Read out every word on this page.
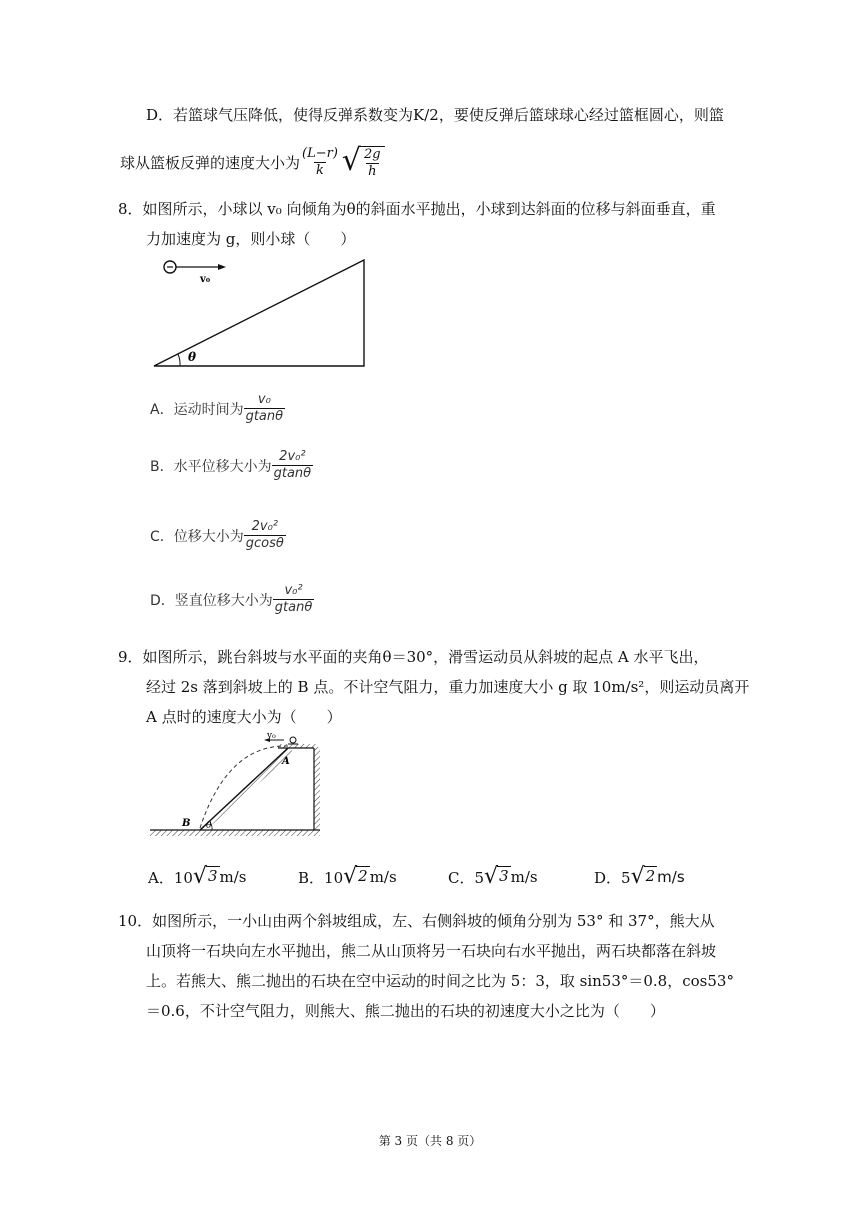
D．若篮球气压降低，使得反弹系数变为K/2，要使反弹后篮球球心经过篮框圆心，则篮
球从篮板反弹的速度大小为 $\frac{(L-r)}{k}$ √ $\frac{2g}{h}$
8．如图所示，小球以 v₀ 向倾角为θ的斜面水平抛出，小球到达斜面的位移与斜面垂直，重
力加速度为 g，则小球（　　）
v₀
θ
A．运动时间为 $\frac{\text{v₀}}{gtan\theta}$
B．水平位移大小为 $\frac{\text{2v₀²}}{gtan\theta}$
C．位移大小为 $\frac{\text{2v₀²}}{gcos\theta}$
D．竖直位移大小为 $\frac{\text{v₀²}}{gtan\theta}$
9．如图所示，跳台斜坡与水平面的夹角θ＝30°，滑雪运动员从斜坡的起点 A 水平飞出，
经过 2s 落到斜坡上的 B 点。不计空气阻力，重力加速度大小 g 取 10m/s²，则运动员离开
A 点时的速度大小为（　　）
v₀
A
B θ
A．10 √ 3 m/s	B．10 √ 2 m/s	C．5 √ 3 m/s	D．5 √ 2 m/s
10．如图所示，一小山由两个斜坡组成，左、右侧斜坡的倾角分别为 53° 和 37°，熊大从
山顶将一石块向左水平抛出，熊二从山顶将另一石块向右水平抛出，两石块都落在斜坡
上。若熊大、熊二抛出的石块在空中运动的时间之比为 5：3，取 sin53°＝0.8，cos53°
＝0.6，不计空气阻力，则熊大、熊二抛出的石块的初速度大小之比为（　　）
第 3 页（共 8 页）
